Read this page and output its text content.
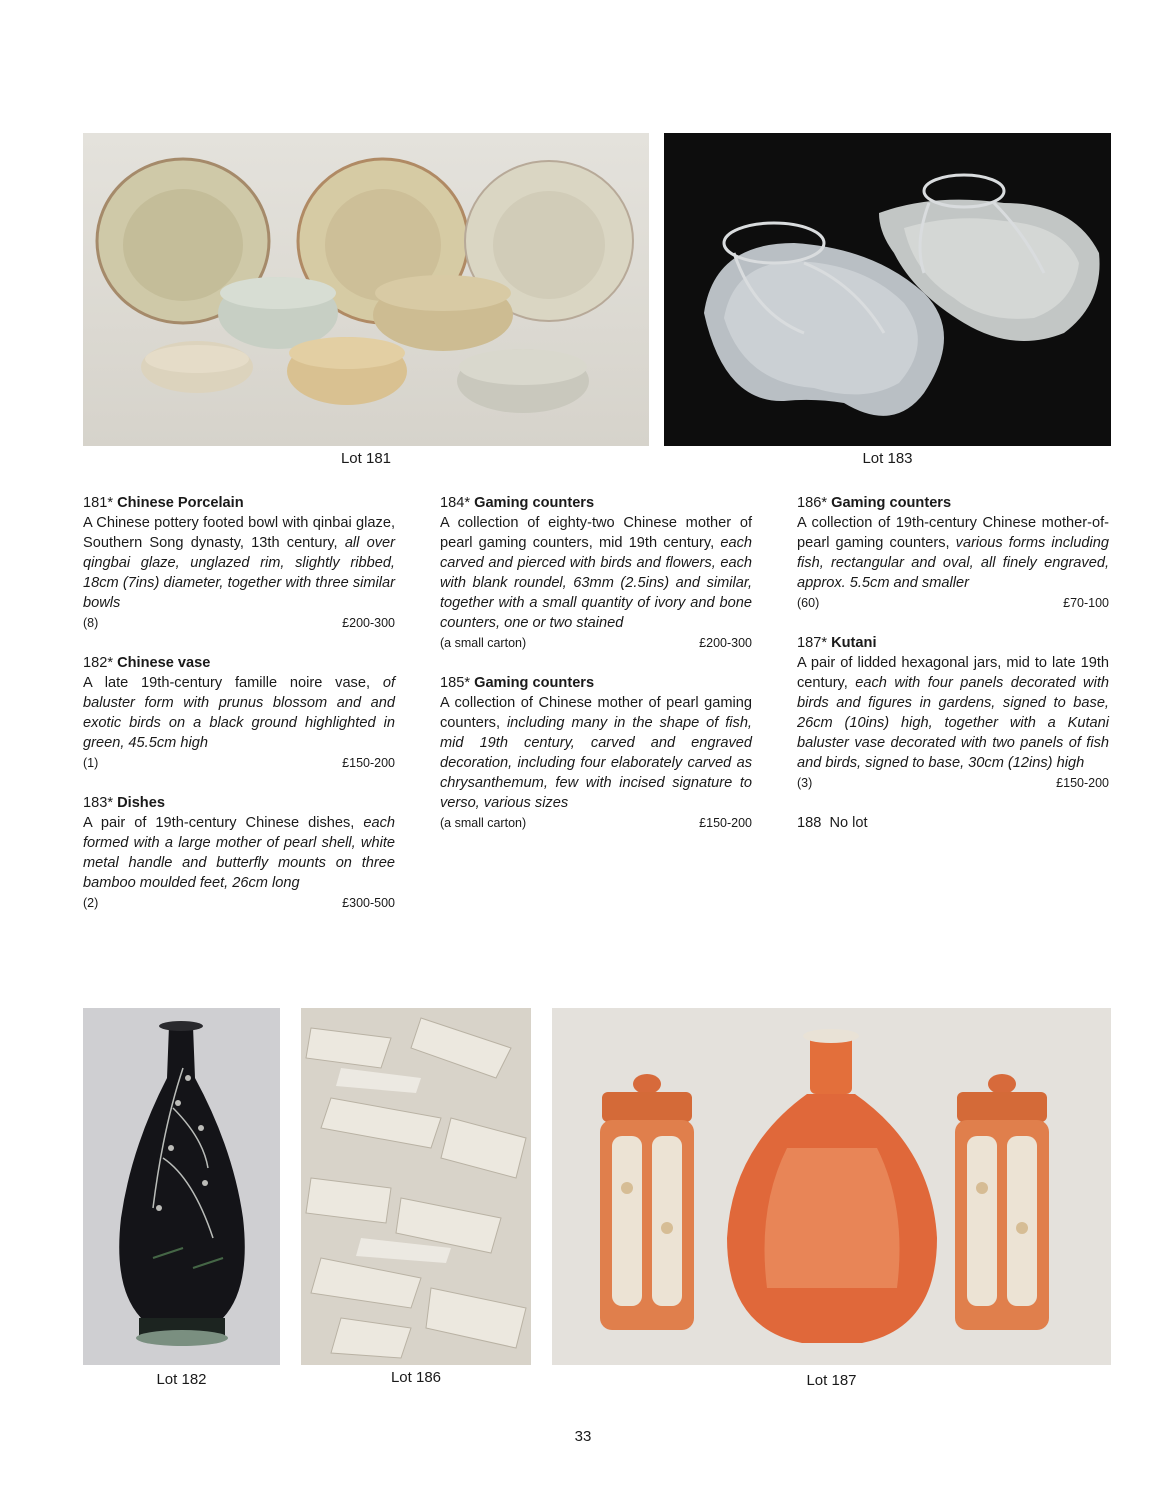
Lot 181	Lot 183
181* Chinese Porcelain
A Chinese pottery footed bowl with qinbai glaze, Southern Song dynasty, 13th century, all over qingbai glaze, unglazed rim, slightly ribbed, 18cm (7ins) diameter, together with three similar bowls
(8)	£200-300
182* Chinese vase
A late 19th-century famille noire vase, of baluster form with prunus blossom and and exotic birds on a black ground highlighted in green, 45.5cm high
(1)	£150-200
183* Dishes
A pair of 19th-century Chinese dishes, each formed with a large mother of pearl shell, white metal handle and butterfly mounts on three bamboo moulded feet, 26cm long
(2)	£300-500
184* Gaming counters
A collection of eighty-two Chinese mother of pearl gaming counters, mid 19th century, each carved and pierced with birds and flowers, each with blank roundel, 63mm (2.5ins) and similar, together with a small quantity of ivory and bone counters, one or two stained
(a small carton)	£200-300
185* Gaming counters
A collection of Chinese mother of pearl gaming counters, including many in the shape of fish, mid 19th century, carved and engraved decoration, including four elaborately carved as chrysanthemum, few with incised signature to verso, various sizes
(a small carton)	£150-200
186* Gaming counters
A collection of 19th-century Chinese mother-of-pearl gaming counters, various forms including fish, rectangular and oval, all finely engraved, approx. 5.5cm and smaller
(60)	£70-100
187* Kutani
A pair of lidded hexagonal jars, mid to late 19th century, each with four panels decorated with birds and figures in gardens, signed to base, 26cm (10ins) high, together with a Kutani baluster vase decorated with two panels of fish and birds, signed to base, 30cm (12ins) high
(3)	£150-200
188  No lot
Lot 182	Lot 186	Lot 187
33
